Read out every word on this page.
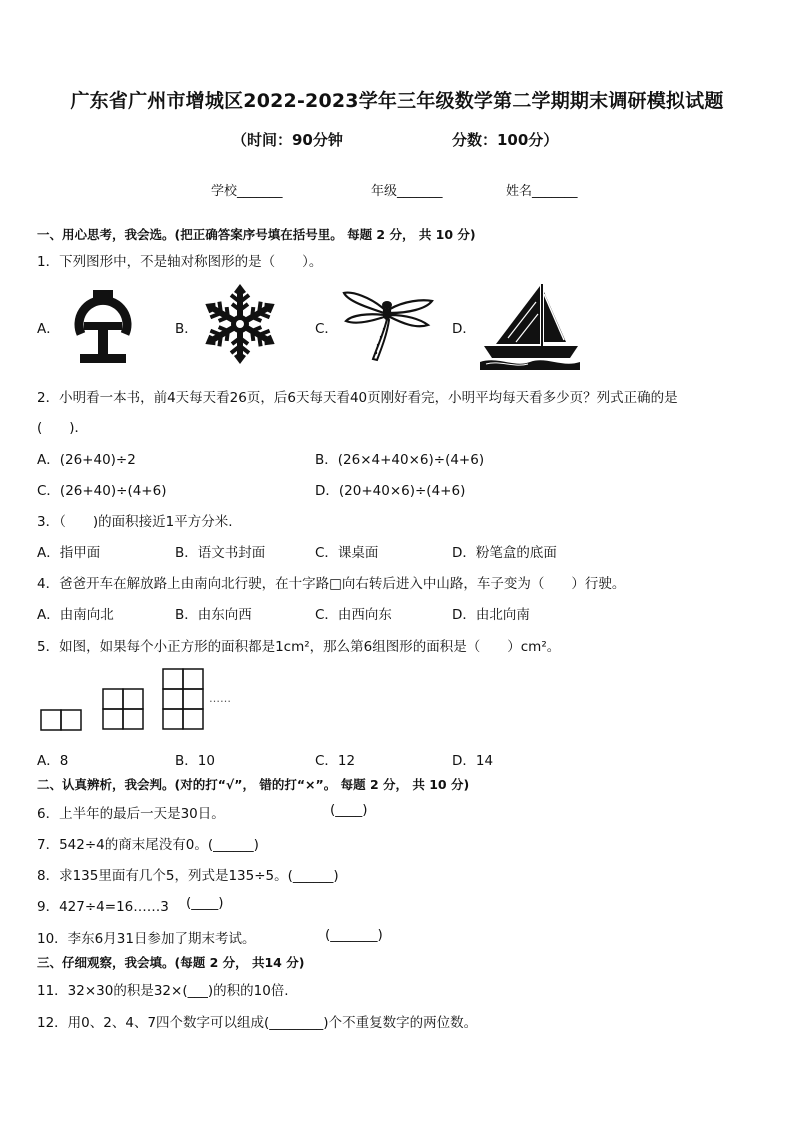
广东省广州市增城区2022-2023学年三年级数学第二学期期末调研模拟试题
（时间：90分钟	分数：100分）
学校_______	年级_______	姓名_______
一、用心思考，我会选。(把正确答案序号填在括号里。 每题 2 分， 共 10 分)
1．下列图形中，不是轴对称图形的是（　　）。
A．	B．	C．	D．
2．小明看一本书，前4天每天看26页，后6天每天看40页刚好看完，小明平均每天看多少页？列式正确的是
(　　)．
A．(26+40)÷2	B．(26×4+40×6)÷(4+6)
C．(26+40)÷(4+6)	D．(20+40×6)÷(4+6)
3．（　　)的面积接近1平方分米.
A．指甲面	B．语文书封面	C．课桌面	D．粉笔盒的底面
4．爸爸开车在解放路上由南向北行驶，在十字路□向右转后进入中山路，车子变为（　　）行驶。
A．由南向北	B．由东向西	C．由西向东	D．由北向南
5．如图，如果每个小正方形的面积都是1cm²，那么第6组图形的面积是（　　）cm²。
……
A．8	B．10	C．12	D．14
二、认真辨析，我会判。(对的打“√”， 错的打“×”。 每题 2 分， 共 10 分)
6．上半年的最后一天是30日。	(____)
7．542÷4的商末尾没有0。(______)
8．求135里面有几个5，列式是135÷5。(______)
9．427÷4=16……3 (____)
10．李东6月31日参加了期末考试。	(_______)
三、仔细观察，我会填。(每题 2 分， 共14 分)
11．32×30的积是32×(___)的积的10倍.
12．用0、2、4、7四个数字可以组成(________)个不重复数字的两位数。
